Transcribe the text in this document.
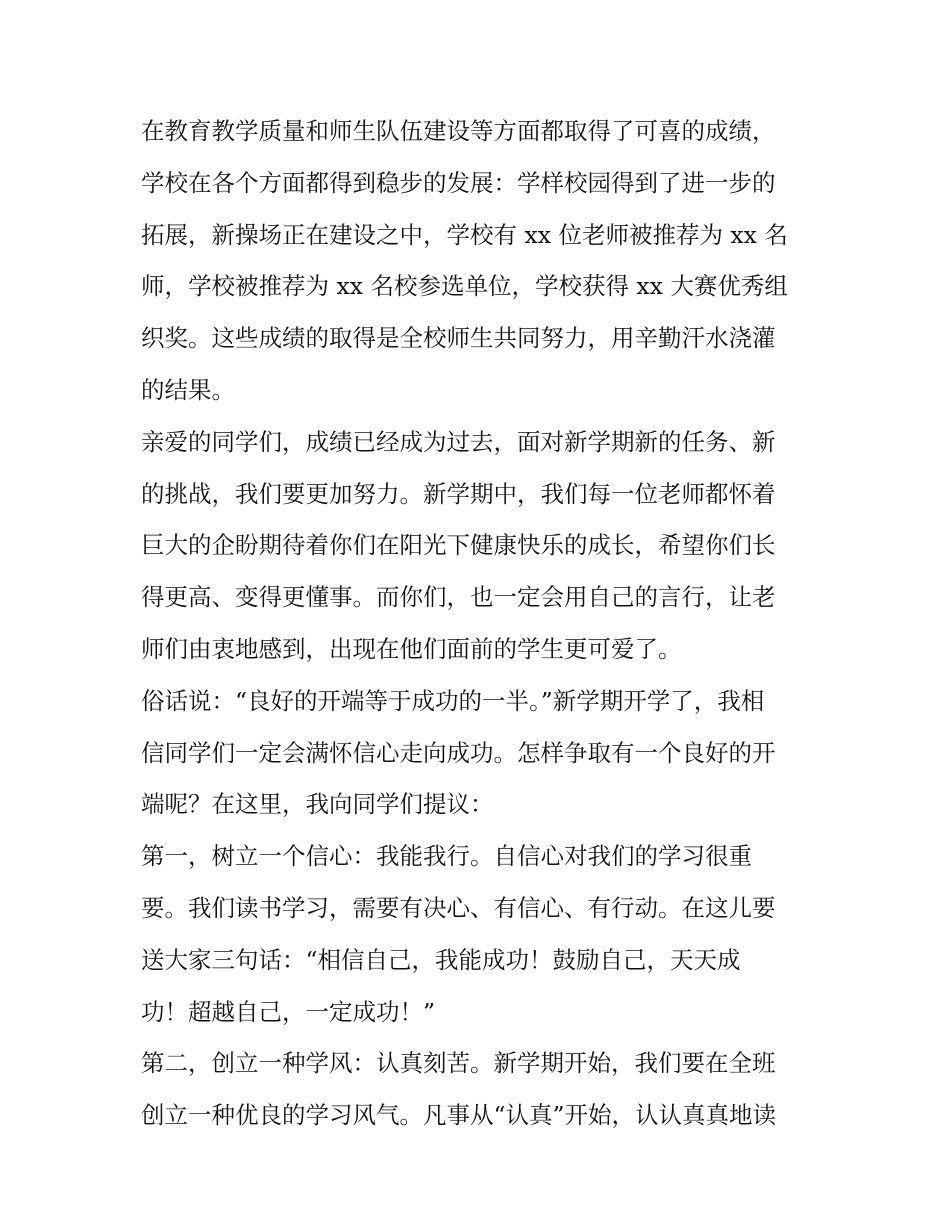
在教育教学质量和师生队伍建设等方面都取得了可喜的成绩，
学校在各个方面都得到稳步的发展：学样校园得到了进一步的
拓展，新操场正在建设之中，学校有 xx 位老师被推荐为 xx 名
师，学校被推荐为 xx 名校参选单位，学校获得 xx 大赛优秀组
织奖。这些成绩的取得是全校师生共同努力，用辛勤汗水浇灌
的结果。
亲爱的同学们，成绩已经成为过去，面对新学期新的任务、新
的挑战，我们要更加努力。新学期中，我们每一位老师都怀着
巨大的企盼期待着你们在阳光下健康快乐的成长，希望你们长
得更高、变得更懂事。而你们，也一定会用自己的言行，让老
师们由衷地感到，出现在他们面前的学生更可爱了。
俗话说：“良好的开端等于成功的一半。”新学期开学了，我相
信同学们一定会满怀信心走向成功。怎样争取有一个良好的开
端呢？在这里，我向同学们提议：
第一，树立一个信心：我能我行。自信心对我们的学习很重
要。我们读书学习，需要有决心、有信心、有行动。在这儿要
送大家三句话：“相信自己，我能成功！鼓励自己，天天成
功！超越自己，一定成功！”
第二，创立一种学风：认真刻苦。新学期开始，我们要在全班
创立一种优良的学习风气。凡事从“认真”开始，认认真真地读
